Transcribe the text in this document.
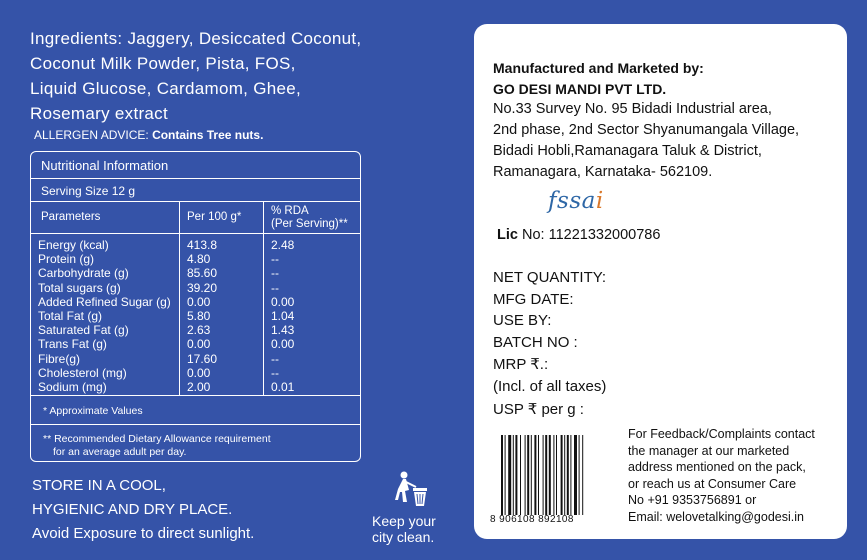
Ingredients: Jaggery, Desiccated Coconut,
Coconut Milk Powder, Pista, FOS,
Liquid Glucose, Cardamom, Ghee,
Rosemary extract
ALLERGEN ADVICE: Contains Tree nuts.
Nutritional Information
Serving Size 12 g
Parameters	Per 100 g*	% RDA
(Per Serving)**
Energy (kcal)
Protein (g)
Carbohydrate (g)
Total sugars (g)
Added Refined Sugar (g)
Total Fat (g)
Saturated Fat (g)
Trans Fat (g)
Fibre(g)
Cholesterol (mg)
Sodium (mg)
413.8
4.80
85.60
39.20
0.00
5.80
2.63
0.00
17.60
0.00
2.00
2.48
--
--
--
0.00
1.04
1.43
0.00
--
--
0.01
* Approximate Values
** Recommended Dietary Allowance requirement
for an average adult per day.
STORE IN A COOL,
HYGIENIC AND DRY PLACE.
Avoid Exposure to direct sunlight.
Keep your
city clean.
Manufactured and Marketed by:
GO DESI MANDI PVT LTD.
No.33 Survey No. 95 Bidadi Industrial area,
2nd phase, 2nd Sector Shyanumangala Village,
Bidadi Hobli,Ramanagara Taluk & District,
Ramanagara, Karnataka- 562109.
fssai
Lic No: 11221332000786
NET QUANTITY:
MFG DATE:
USE BY:
BATCH NO :
MRP ₹.:
(Incl. of all taxes)
USP ₹ per g :
8 906108 892108
For Feedback/Complaints contact
the manager at our marketed
address mentioned on the pack,
or reach us at Consumer Care
No +91 9353756891 or
Email: welovetalking@godesi.in
